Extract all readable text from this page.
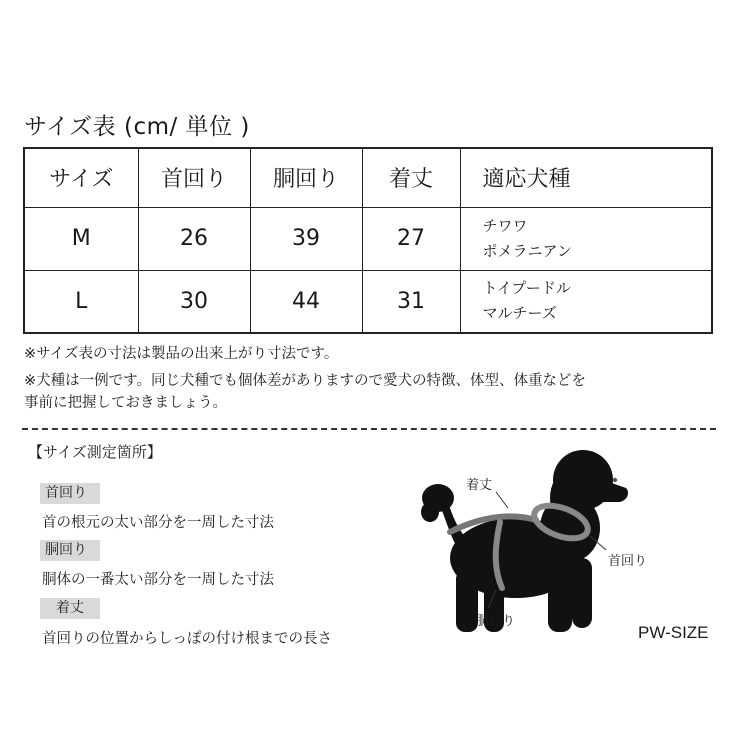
サイズ表 (cm/ 単位 )
サイズ	首回り	胴回り	着丈	適応犬種
M	26	39	27	チワワ
ポメラニアン

L	30	44	31	トイプードル
マルチーズ

※サイズ表の寸法は製品の出来上がり寸法です。

※犬種は一例です。同じ犬種でも個体差がありますので愛犬の特徴、体型、体重などを

事前に把握しておきましょう。

【サイズ測定箇所】
首回り
首の根元の太い部分を一周した寸法
胴回り
胴体の一番太い部分を一周した寸法
着丈
首回りの位置からしっぽの付け根までの長さ
着丈
首回り
胴回り
PW-SIZE
